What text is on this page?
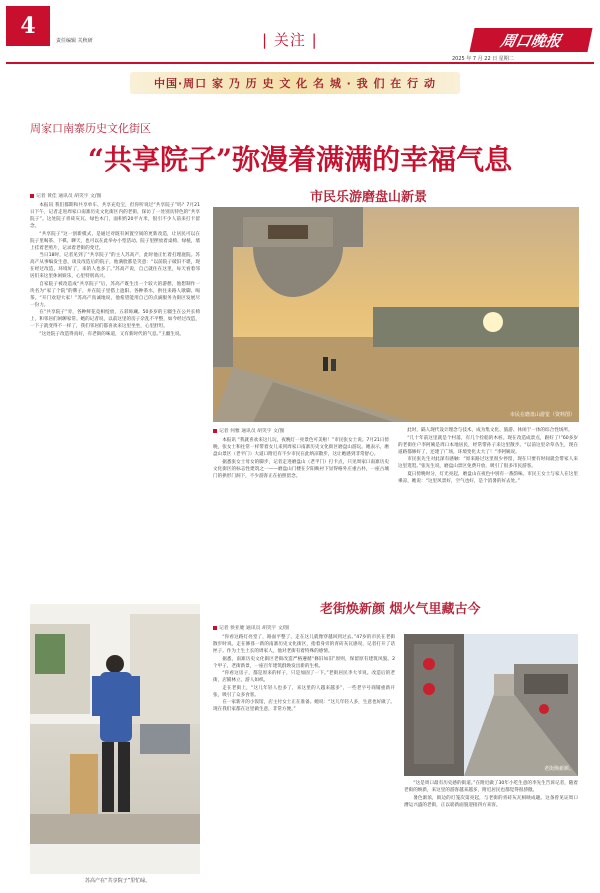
4
责任编辑 关秋研	| 关注 |	周口晚报
2025 年 7 月 22 日 星期二
中国·周口 家 乃 历 史 文 化 名 城 · 我 们 在 行 动
周家口南寨历史文化街区
“共享院子”弥漫着满满的幸福气息
记者 黄佳 通讯员 胡笑宇 文/图

本报讯 我们都期和共享单车、共享充电宝，但你听说过“共享院子”吗？7月21日下午，记者走进周家口南寨历史文化街区内的老街，探访了一处别具特色的“共享院子”。这处院子青砖灰瓦、绿色木门，面积约20平方米，很引不少人前来打卡留念。

“共享院子”这一创新模式，是通过对既有闲置空间的更新改造，让居民可以在院子里喝茶、下棋、聊天，也可以在此举办小型活动。院子里摆放着桌椅、绿植，墙上挂着老照片，记录着老街的变迁。

当日18时，记者见到了“共享院子”的主人苏高产，此时他正忙着打理庭院。苏高产从事编发生意，谈及改造后的院子，他满脸都是笑意：“以前院子破旧不堪，现在经过改造，环境好了，来的人也多了。”苏高产说，自己就住在这里，每天看着邻居们来这里休闲娱乐，心里特别高兴。

自家院子被改造成“共享院子”后，苏高产既生出一个较大的游憩，他想制作一块名为“家了个院”的牌子，并在院子里搭上遮阳、各种茶水，供往来路人歇脚、喝茶。“开门欢迎大家！”苏高产真诚地说，他希望能用自己的点滴服务为街区发展尽一份力。

在“共享院子”旁，各种鲜花竞相绽放，五彩斑斓。50多岁的王疆生在公共长椅上，和邻居们闲聊家常。她的记者说，以前这里的房子杂乱不平整，如今经过改造，一下子就变得不一样了，我们邻居们都喜欢来这里坐坐，心里舒坦。

“这处院子改造得真好，有老街的味道，又有新时代的气息。”王疆生说。

苏高产在“共享院子”里忙碌。
市民乐游磨盘山新景
市民在磨盘山游览（资料图）
记者 何雅 通讯员 胡笑宇 文/图

本报讯 “我就喜欢来这儿玩，夜晚灯一亮景色可美啦！”市民张女士说。7月21日傍晚，张女士和往常一样带着女儿来到周家口南寨历史文化街区磨盘山游玩。她表示，磨盘山景区（老平门）大道口附近有不少市民在此纳凉散步，这让她感到非常舒心。

据悉张女士母女的脚步，记者走进磨盘山（老平门）打卡点，只见周家口南寨历史文化街区的标志性建筑之一——磨盘山门楼在夕阳映衬下显得格外庄重古朴，一座古城门的拱形门洞下，不少游客正在拍照留念。

此时，隔人现代设计理念与技术，成为集文化、旅游、休闲于一体的综合性场所。

“几十年前这里就是个村落，有几个拴船的木桩。现在改造成景点，跟好了!”60多岁的老街住户李阿姨是周口本地居民，经常带孙子来这里散步。“以前这里杂草丛生，现在道路都修好了，还建了广场，环境变化太大了！”李阿姨说。

市民张先生对此深有感触：“原来路过这里很少停留，现在只要有时间就会带家人来这里逛逛。”张先生说，磨盘山景区免费开放，吸引了很多市民游客。

夏日傍晚时分，灯光亮起，磨盘山在夜色中别有一番韵味。市民王女士与家人在这里乘凉，她说：“这里风景好，空气也好，是个消暑的好去处。”

老街焕新颜 烟火气里藏古今
记者 侯亚婕 通讯员 胡笑宇 文/图

“你看这路灯亮堂了，路面平整了，走在这儿就像穿越回到过去。”47岁的市民在老街散步时说。走在修葺一新的南寨历史文化街区，指着身旁的青砖灰瓦感叹，记者打开了话匣子。作为土生土长的周家人，他对老街有着特殊的感情。

据悉，南寨历史文化街区老街改造严格遵循“修旧如旧”原则，保留原有建筑风貌。2个甲子，老街新景，一座百年建筑群焕发出新的生机。

“你看这房子，都是原来的样子，只是加固了一下。”老街居民李大爷说。改造后的老街，店铺林立，游人如织。

走在老街上，“这儿年轻人也多了，来这里的人越来越多”，一些老字号商铺重新开张，吸引了众多食客。

在一家新开的小饭馆，店主付女士正在准备。她说：“这儿年轻人多，生意也好做了。现在我们家都在这里做生意，非常方便。”

老街焕新颜。

“这是周口最有历史感的街道。”在附近做了30年小吃生意的李先生告诉记者，随着老街的焕新，来这里的游客越来越多，附近居民也都觉得很骄傲。

暑色渐浓，街边的灯笼次第亮起，与老街的青砖灰瓦相映成趣。这条曾见证周口漕运兴盛的老街，正以崭新面貌迎接四方来客。
